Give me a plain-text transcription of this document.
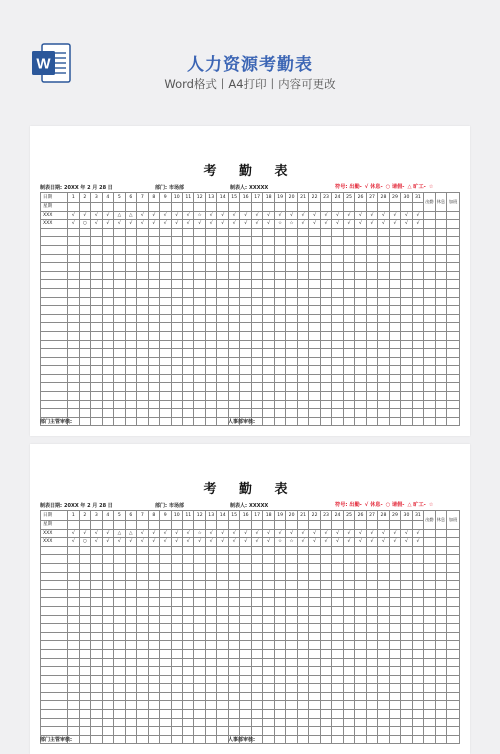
W	人力资源考勤表
Word格式丨A4打印丨内容可更改
考 勤 表
制表日期: 20XX 年 2 月 28 日	部门: 市场部	制表人: XXXXX	符号: 出勤- √ 休息- ○ 请假- △ 旷工- ☆
日期	1	2	3	4	5	6	7	8	9	10	11	12	13	14	15	16	17	18	19	20	21	22	23	24	25	26	27	28	29	30	31	出勤	休息	加班
星期																																		
XXX	√	√	√	√	△	△	√	√	√	√	√	☆	√	√	√	√	√	√	√	√	√	√	√	√	√	√	√	√	√	√	√			
XXX	√	○	√	√	√	√	√	√	√	√	√	√	√	√	√	√	√	√	☆	☆	√	√	√	√	√	√	√	√	√	√	√			

部门主管审核:	人事部审核:
考 勤 表
制表日期: 20XX 年 2 月 28 日	部门: 市场部	制表人: XXXXX	符号: 出勤- √ 休息- ○ 请假- △ 旷工- ☆
日期	1	2	3	4	5	6	7	8	9	10	11	12	13	14	15	16	17	18	19	20	21	22	23	24	25	26	27	28	29	30	31	出勤	休息	加班
星期																																		
XXX	√	√	√	√	△	△	√	√	√	√	√	☆	√	√	√	√	√	√	√	√	√	√	√	√	√	√	√	√	√	√	√			
XXX	√	○	√	√	√	√	√	√	√	√	√	√	√	√	√	√	√	√	☆	☆	√	√	√	√	√	√	√	√	√	√	√			

部门主管审核:	人事部审核:
